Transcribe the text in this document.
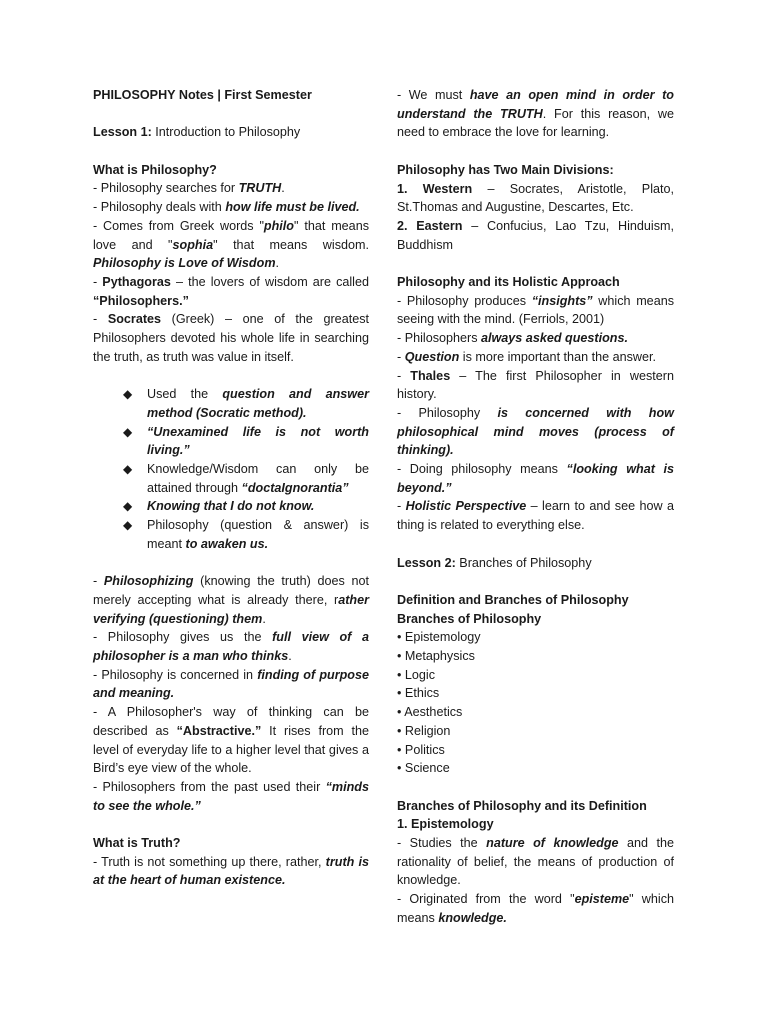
PHILOSOPHY Notes | First Semester

Lesson 1: Introduction to Philosophy

What is Philosophy?

- Philosophy searches for TRUTH.

- Philosophy deals with how life must be lived.

- Comes from Greek words "philo" that means love and "sophia" that means wisdom. Philosophy is Love of Wisdom.

- Pythagoras – the lovers of wisdom are called “Philosophers.”

- Socrates (Greek) – one of the greatest Philosophers devoted his whole life in searching the truth, as truth was value in itself.

◆ Used the question and answer method (Socratic method).
◆ “Unexamined life is not worth living.”
◆ Knowledge/Wisdom can only be attained through “doctaIgnorantia”
◆ Knowing that I do not know.
◆ Philosophy (question & answer) is meant to awaken us.

- Philosophizing (knowing the truth) does not merely accepting what is already there, rather verifying (questioning) them.

- Philosophy gives us the full view of a philosopher is a man who thinks.

- Philosophy is concerned in finding of purpose and meaning.

- A Philosopher's way of thinking can be described as “Abstractive.” It rises from the level of everyday life to a higher level that gives a Bird’s eye view of the whole.

- Philosophers from the past used their “minds to see the whole.”

What is Truth?

- Truth is not something up there, rather, truth is at the heart of human existence.

- We must have an open mind in order to understand the TRUTH. For this reason, we need to embrace the love for learning.

Philosophy has Two Main Divisions:

1. Western – Socrates, Aristotle, Plato, St.Thomas and Augustine, Descartes, Etc.

2. Eastern – Confucius, Lao Tzu, Hinduism, Buddhism

Philosophy and its Holistic Approach

- Philosophy produces “insights” which means seeing with the mind. (Ferriols, 2001)

- Philosophers always asked questions.

- Question is more important than the answer.

- Thales – The first Philosopher in western history.

- Philosophy is concerned with how philosophical mind moves (process of thinking).

- Doing philosophy means “looking what is beyond.”

- Holistic Perspective – learn to and see how a thing is related to everything else.

Lesson 2: Branches of Philosophy

Definition and Branches of Philosophy

Branches of Philosophy

• Epistemology
• Metaphysics
• Logic
• Ethics
• Aesthetics
• Religion
• Politics
• Science

Branches of Philosophy and its Definition

1. Epistemology

- Studies the nature of knowledge and the rationality of belief, the means of production of knowledge.

- Originated from the word "episteme" which means knowledge.
